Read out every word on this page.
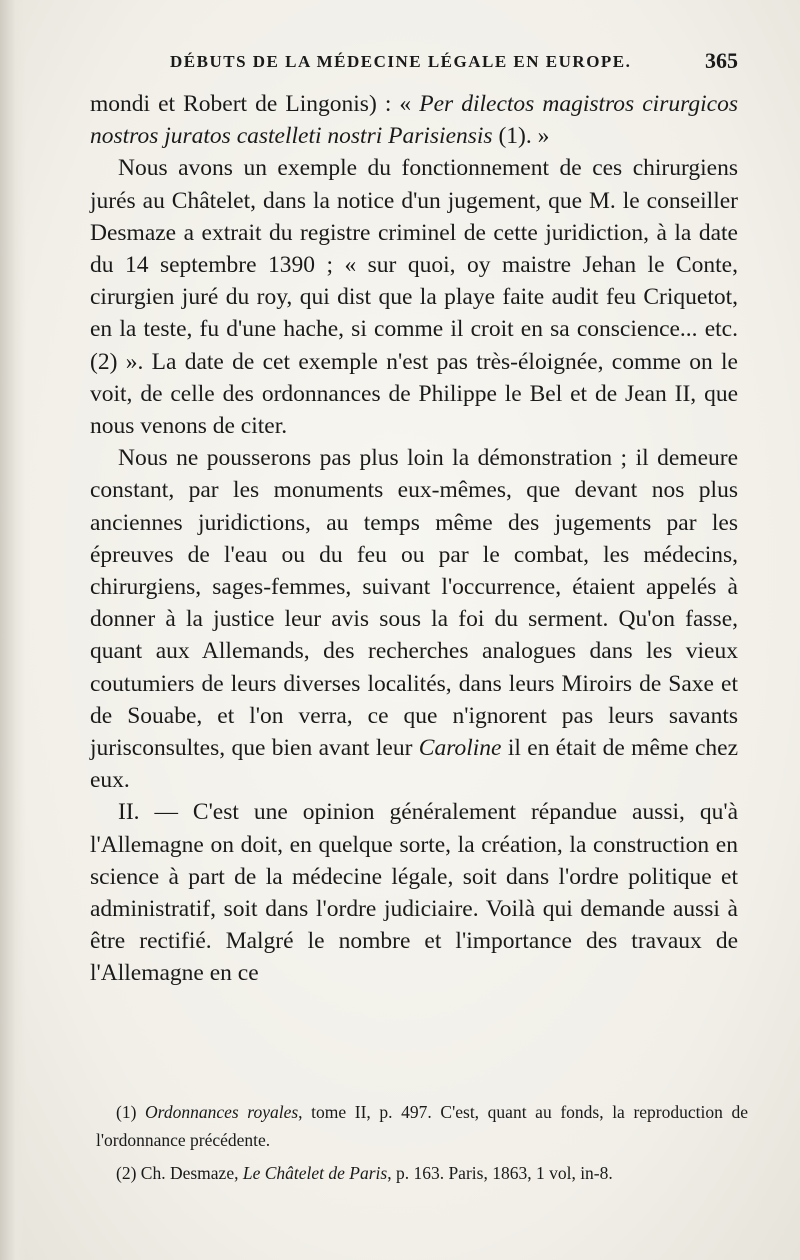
DÉBUTS DE LA MÉDECINE LÉGALE EN EUROPE.	365

mondi et Robert de Lingonis) : « Per dilectos magistros cirurgicos nostros juratos castelleti nostri Parisiensis (1). »

Nous avons un exemple du fonctionnement de ces chirurgiens jurés au Châtelet, dans la notice d'un jugement, que M. le conseiller Desmaze a extrait du registre criminel de cette juridiction, à la date du 14 septembre 1390 ; « sur quoi, oy maistre Jehan le Conte, cirurgien juré du roy, qui dist que la playe faite audit feu Criquetot, en la teste, fu d'une hache, si comme il croit en sa conscience... etc. (2) ». La date de cet exemple n'est pas très-éloignée, comme on le voit, de celle des ordonnances de Philippe le Bel et de Jean II, que nous venons de citer.

Nous ne pousserons pas plus loin la démonstration ; il demeure constant, par les monuments eux-mêmes, que devant nos plus anciennes juridictions, au temps même des jugements par les épreuves de l'eau ou du feu ou par le combat, les médecins, chirurgiens, sages-femmes, suivant l'occurrence, étaient appelés à donner à la justice leur avis sous la foi du serment. Qu'on fasse, quant aux Allemands, des recherches analogues dans les vieux coutumiers de leurs diverses localités, dans leurs Miroirs de Saxe et de Souabe, et l'on verra, ce que n'ignorent pas leurs savants jurisconsultes, que bien avant leur Caroline il en était de même chez eux.

II. — C'est une opinion généralement répandue aussi, qu'à l'Allemagne on doit, en quelque sorte, la création, la construction en science à part de la médecine légale, soit dans l'ordre politique et administratif, soit dans l'ordre judiciaire. Voilà qui demande aussi à être rectifié. Malgré le nombre et l'importance des travaux de l'Allemagne en ce

(1) Ordonnances royales, tome II, p. 497. C'est, quant au fonds, la reproduction de l'ordonnance précédente.

(2) Ch. Desmaze, Le Châtelet de Paris, p. 163. Paris, 1863, 1 vol, in-8.
